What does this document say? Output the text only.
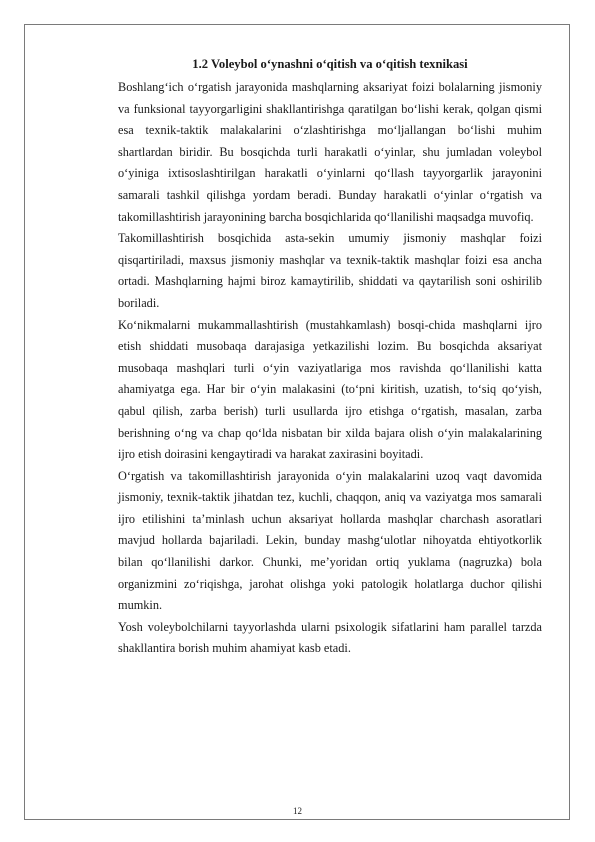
1.2 Voleybol o‘ynashni o‘qitish va o‘qitish texnikasi

Boshlang‘ich o‘rgatish jarayonida mashqlarning aksariyat foizi bolalarning jismoniy va funksional tayyorgarligini shakllantirishga qaratilgan bo‘lishi kerak, qolgan qismi esa texnik-taktik malakalarini o‘zlashtirishga mo‘ljallangan bo‘lishi muhim shartlardan biridir. Bu bosqichda turli harakatli o‘yinlar, shu jumladan voleybol o‘yiniga ixtisoslashtirilgan harakatli o‘yinlarni qo‘llash tayyorgarlik jarayonini samarali tashkil qilishga yordam beradi. Bunday harakatli o‘yinlar o‘rgatish va takomillashtirish jarayonining barcha bosqichlarida qo‘llanilishi maqsadga muvofiq.

Takomillashtirish bosqichida asta-sekin umumiy jismoniy mashqlar foizi qisqartiriladi, maxsus jismoniy mashqlar va texnik-taktik mashqlar foizi esa ancha ortadi. Mashqlarning hajmi biroz kamaytirilib, shiddati va qaytarilish soni oshirilib boriladi.

Ko‘nikmalarni mukammallashtirish (mustahkamlash) bosqi-chida mashqlarni ijro etish shiddati musobaqa darajasiga yetkazilishi lozim. Bu bosqichda aksariyat musobaqa mashqlari turli o‘yin vaziyatlariga mos ravishda qo‘llanilishi katta ahamiyatga ega. Har bir o‘yin malakasini (to‘pni kiritish, uzatish, to‘siq qo‘yish, qabul qilish, zarba berish) turli usullarda ijro etishga o‘rgatish, masalan, zarba berishning o‘ng va chap qo‘lda nisbatan bir xilda bajara olish o‘yin malakalarining ijro etish doirasini kengaytiradi va harakat zaxirasini boyitadi.

O‘rgatish va takomillashtirish jarayonida o‘yin malakalarini uzoq vaqt davomida jismoniy, texnik-taktik jihatdan tez, kuchli, chaqqon, aniq va vaziyatga mos samarali ijro etilishini ta’minlash uchun aksariyat hollarda mashqlar charchash asoratlari mavjud hollarda bajariladi. Lekin, bunday mashg‘ulotlar nihoyatda ehtiyotkorlik bilan qo‘llanilishi darkor. Chunki, me’yoridan ortiq yuklama (nagruzka) bola organizmini zo‘riqishga, jarohat olishga yoki patologik holatlarga duchor qilishi mumkin.

Yosh voleybolchilarni tayyorlashda ularni psixologik sifatlarini ham parallel tarzda shakllantira borish muhim ahamiyat kasb etadi.

12
